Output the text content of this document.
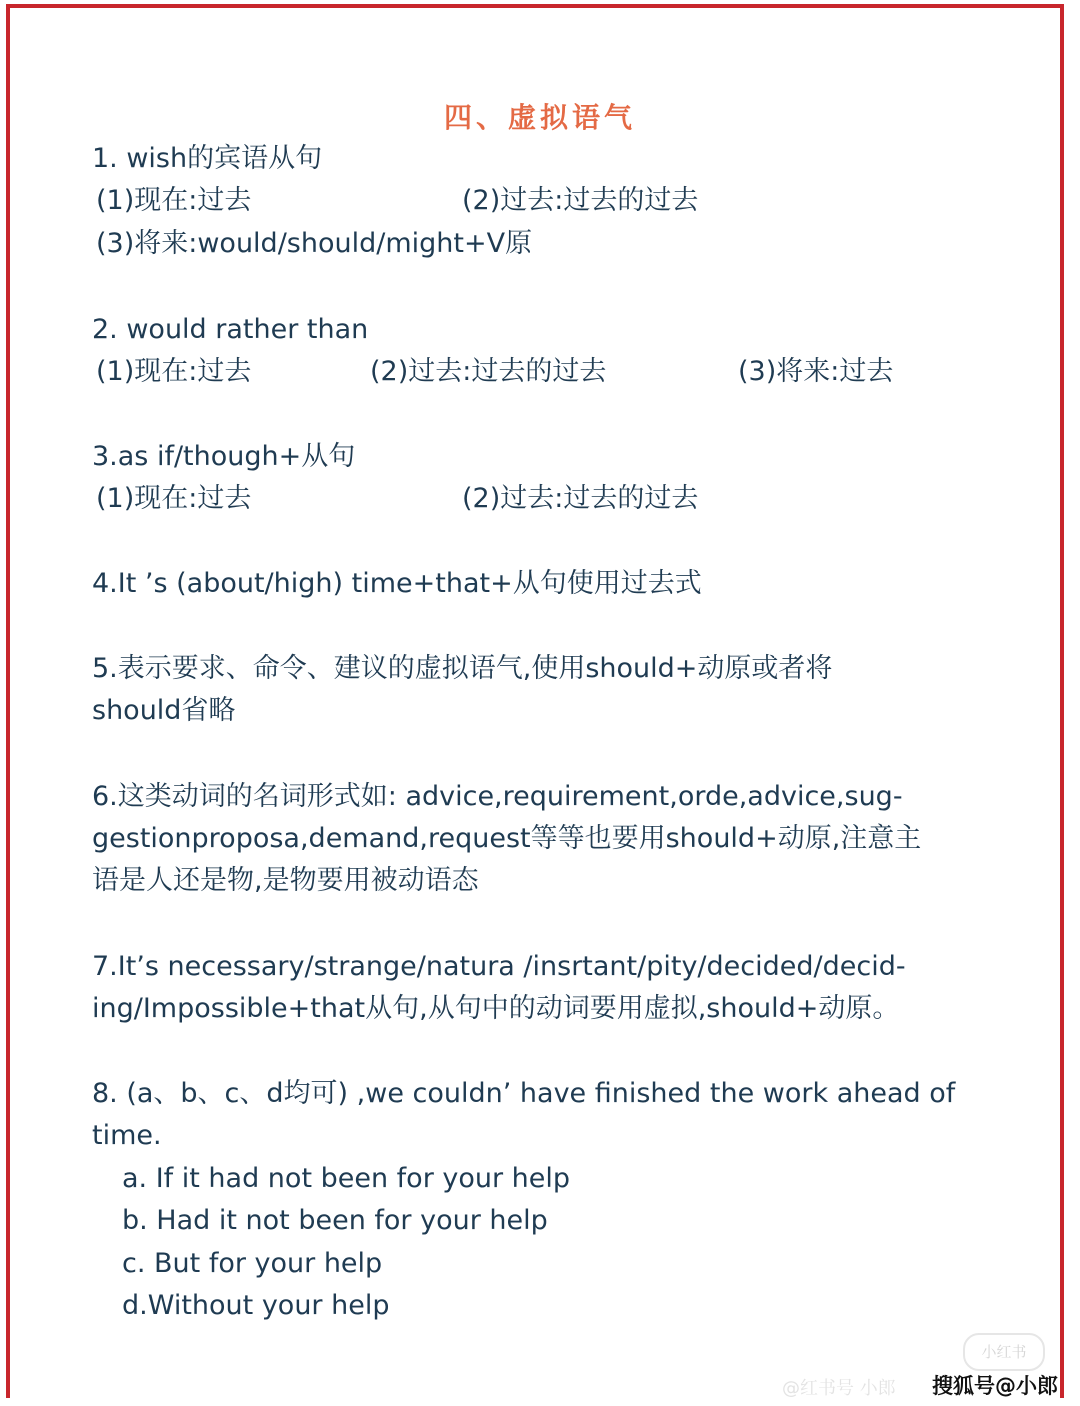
四、虚拟语气
1. wish的宾语从句
(1)现在:过去	(2)过去:过去的过去
(3)将来:would/should/might+V原
2. would rather than
(1)现在:过去	(2)过去:过去的过去	(3)将来:过去
3.as if/though+从句
(1)现在:过去	(2)过去:过去的过去
4.It ’s (about/high) time+that+从句使用过去式
5.表示要求、命令、建议的虚拟语气,使用should+动原或者将
should省略
6.这类动词的名词形式如: advice,requirement,orde,advice,sug-
gestionproposa,demand,request等等也要用should+动原,注意主
语是人还是物,是物要用被动语态
7.It’s necessary/strange/natura /insrtant/pity/decided/decid-
ing/Impossible+that从句,从句中的动词要用虚拟,should+动原。
8. (a、b、c、d均可) ,we couldn’ have finished the work ahead of
time.
a. If it had not been for your help
b. Had it not been for your help
c. But for your help
d.Without your help
小红书
@红书号 小郎 搜狐号@小郎
